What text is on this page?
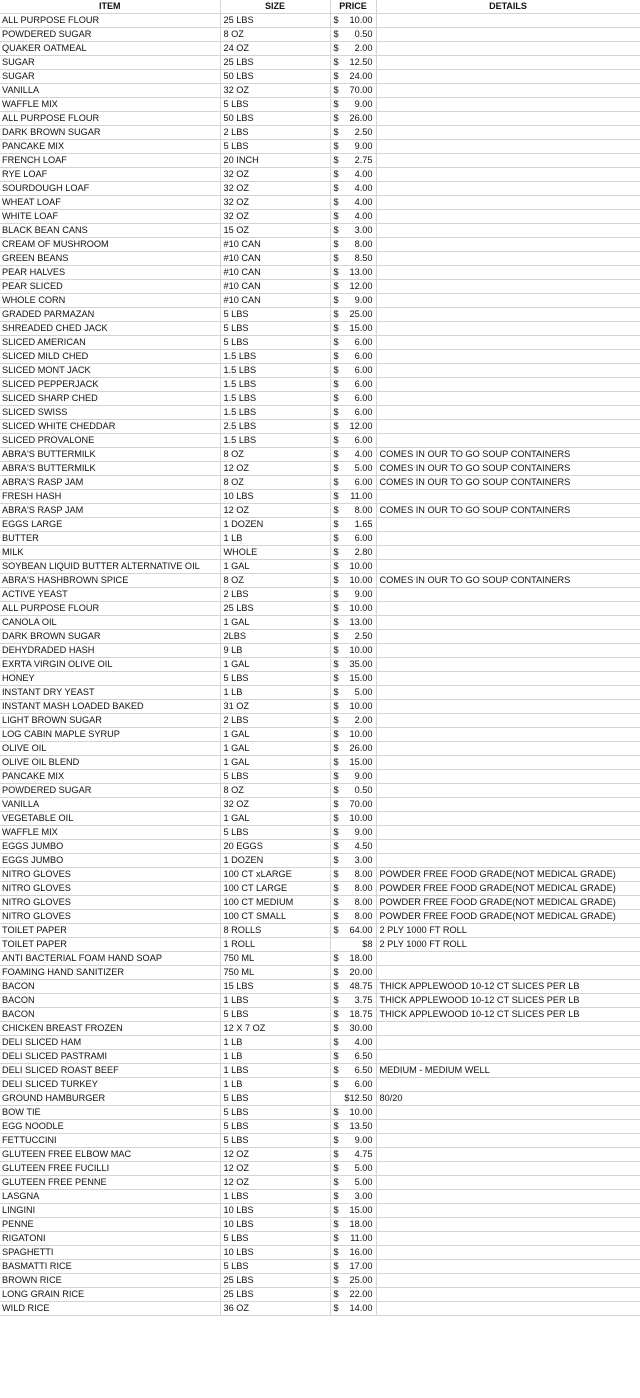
ITEM	SIZE	PRICE	DETAILS
ALL PURPOSE FLOUR	25 LBS	$ 10.00	

POWDERED SUGAR	8 OZ	$ 0.50	

QUAKER OATMEAL	24 OZ	$ 2.00	

SUGAR	25 LBS	$ 12.50	

SUGAR	50 LBS	$ 24.00	

VANILLA	32 OZ	$ 70.00	

WAFFLE MIX	5 LBS	$ 9.00	

ALL PURPOSE FLOUR	50 LBS	$ 26.00	

DARK BROWN SUGAR	2 LBS	$ 2.50	

PANCAKE MIX	5 LBS	$ 9.00	

FRENCH LOAF	20 INCH	$ 2.75	

RYE LOAF	32 OZ	$ 4.00	

SOURDOUGH LOAF	32 OZ	$ 4.00	

WHEAT LOAF	32 OZ	$ 4.00	

WHITE LOAF	32 OZ	$ 4.00	

BLACK BEAN CANS	15 OZ	$ 3.00	

CREAM OF MUSHROOM	#10 CAN	$ 8.00	

GREEN BEANS	#10 CAN	$ 8.50	

PEAR HALVES	#10 CAN	$ 13.00	

PEAR SLICED	#10 CAN	$ 12.00	

WHOLE CORN	#10 CAN	$ 9.00	

GRADED PARMAZAN	5 LBS	$ 25.00	

SHREADED CHED JACK	5 LBS	$ 15.00	

SLICED AMERICAN	5 LBS	$ 6.00	

SLICED MILD CHED	1.5 LBS	$ 6.00	

SLICED MONT JACK	1.5 LBS	$ 6.00	

SLICED PEPPERJACK	1.5 LBS	$ 6.00	

SLICED SHARP CHED	1.5 LBS	$ 6.00	

SLICED SWISS	1.5 LBS	$ 6.00	

SLICED WHITE CHEDDAR	2.5 LBS	$ 12.00	

SLICED PROVALONE	1.5 LBS	$ 6.00	

ABRA'S BUTTERMILK	8 OZ	$ 4.00	COMES IN OUR TO GO SOUP CONTAINERS
ABRA'S BUTTERMILK	12 OZ	$ 5.00	COMES IN OUR TO GO SOUP CONTAINERS
ABRA'S RASP JAM	8 OZ	$ 6.00	COMES IN OUR TO GO SOUP CONTAINERS
FRESH HASH	10 LBS	$ 11.00	

ABRA'S RASP JAM	12 OZ	$ 8.00	COMES IN OUR TO GO SOUP CONTAINERS
EGGS LARGE	1 DOZEN	$ 1.65	

BUTTER	1 LB	$ 6.00	

MILK	WHOLE	$ 2.80	

SOYBEAN LIQUID BUTTER ALTERNATIVE OIL	1 GAL	$ 10.00	

ABRA'S HASHBROWN SPICE	8 OZ	$ 10.00	COMES IN OUR TO GO SOUP CONTAINERS
ACTIVE YEAST	2 LBS	$ 9.00	

ALL PURPOSE FLOUR	25 LBS	$ 10.00	

CANOLA OIL	1 GAL	$ 13.00	

DARK BROWN SUGAR	2LBS	$ 2.50	

DEHYDRADED HASH	9 LB	$ 10.00	

EXRTA VIRGIN OLIVE OIL	1 GAL	$ 35.00	

HONEY	5 LBS	$ 15.00	

INSTANT DRY YEAST	1 LB	$ 5.00	

INSTANT MASH LOADED BAKED	31 OZ	$ 10.00	

LIGHT BROWN SUGAR	2 LBS	$ 2.00	

LOG CABIN MAPLE SYRUP	1 GAL	$ 10.00	

OLIVE OIL	1 GAL	$ 26.00	

OLIVE OIL BLEND	1 GAL	$ 15.00	

PANCAKE MIX	5 LBS	$ 9.00	

POWDERED SUGAR	8 OZ	$ 0.50	

VANILLA	32 OZ	$ 70.00	

VEGETABLE OIL	1 GAL	$ 10.00	

WAFFLE MIX	5 LBS	$ 9.00	

EGGS JUMBO	20 EGGS	$ 4.50	

EGGS JUMBO	1 DOZEN	$ 3.00	

NITRO GLOVES	100 CT xLARGE	$ 8.00	POWDER FREE FOOD GRADE(NOT MEDICAL GRADE)
NITRO GLOVES	100 CT LARGE	$ 8.00	POWDER FREE FOOD GRADE(NOT MEDICAL GRADE)
NITRO GLOVES	100 CT MEDIUM	$ 8.00	POWDER FREE FOOD GRADE(NOT MEDICAL GRADE)
NITRO GLOVES	100 CT SMALL	$ 8.00	POWDER FREE FOOD GRADE(NOT MEDICAL GRADE)
TOILET PAPER	8 ROLLS	$ 64.00	2 PLY 1000 FT ROLL
TOILET PAPER	1 ROLL	$8	2 PLY 1000 FT ROLL
ANTI BACTERIAL FOAM HAND SOAP	750 ML	$ 18.00	

FOAMING HAND SANITIZER	750 ML	$ 20.00	

BACON	15 LBS	$ 48.75	THICK APPLEWOOD 10-12 CT SLICES PER LB
BACON	1 LBS	$ 3.75	THICK APPLEWOOD 10-12 CT SLICES PER LB
BACON	5 LBS	$ 18.75	THICK APPLEWOOD 10-12 CT SLICES PER LB
CHICKEN BREAST FROZEN	12 X 7 OZ	$ 30.00	

DELI SLICED HAM	1 LB	$ 4.00	

DELI SLICED PASTRAMI	1 LB	$ 6.50	

DELI SLICED ROAST BEEF	1 LBS	$ 6.50	MEDIUM - MEDIUM WELL
DELI SLICED TURKEY	1 LB	$ 6.00	

GROUND HAMBURGER	5 LBS	$12.50	80/20
BOW TIE	5 LBS	$ 10.00	

EGG NOODLE	5 LBS	$ 13.50	

FETTUCCINI	5 LBS	$ 9.00	

GLUTEEN FREE ELBOW MAC	12 OZ	$ 4.75	

GLUTEEN FREE FUCILLI	12 OZ	$ 5.00	

GLUTEEN FREE PENNE	12 OZ	$ 5.00	

LASGNA	1 LBS	$ 3.00	

LINGINI	10 LBS	$ 15.00	

PENNE	10 LBS	$ 18.00	

RIGATONI	5 LBS	$ 11.00	

SPAGHETTI	10 LBS	$ 16.00	

BASMATTI RICE	5 LBS	$ 17.00	

BROWN RICE	25 LBS	$ 25.00	

LONG GRAIN RICE	25 LBS	$ 22.00	

WILD RICE	36 OZ	$ 14.00	
